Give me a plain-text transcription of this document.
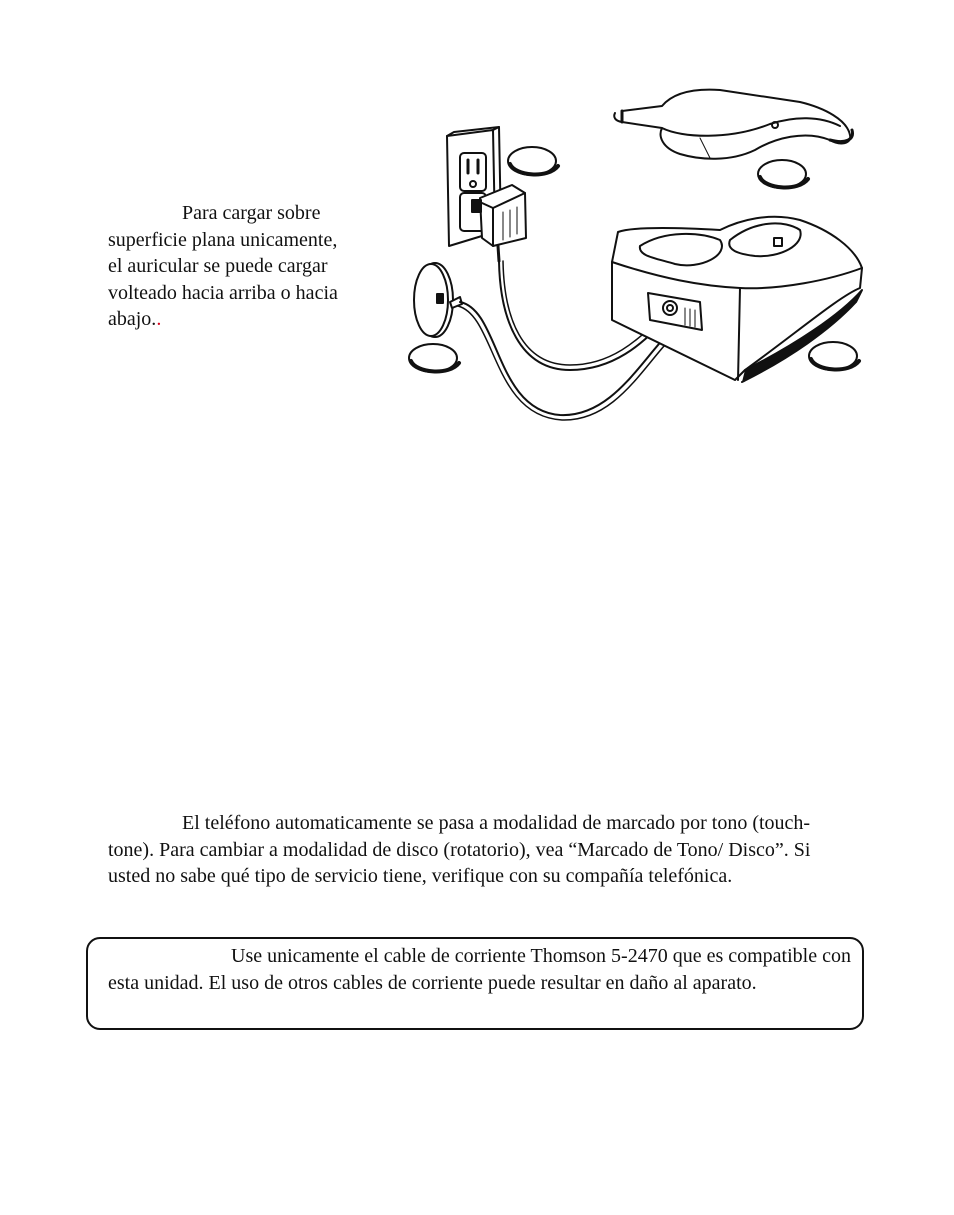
Para cargar sobre
superficie plana unicamente,
el auricular se puede cargar
volteado hacia arriba o hacia
abajo..

El teléfono automaticamente se pasa a modalidad de marcado por tono (touch-tone). Para cambiar a modalidad de disco (rotatorio), vea “Marcado de Tono/ Disco”. Si usted no sabe qué tipo de servicio tiene, verifique con su compañía telefónica.

Use unicamente el cable de corriente Thomson 5-2470 que es compatible con esta unidad. El uso de otros cables de corriente puede resultar en daño al aparato.
